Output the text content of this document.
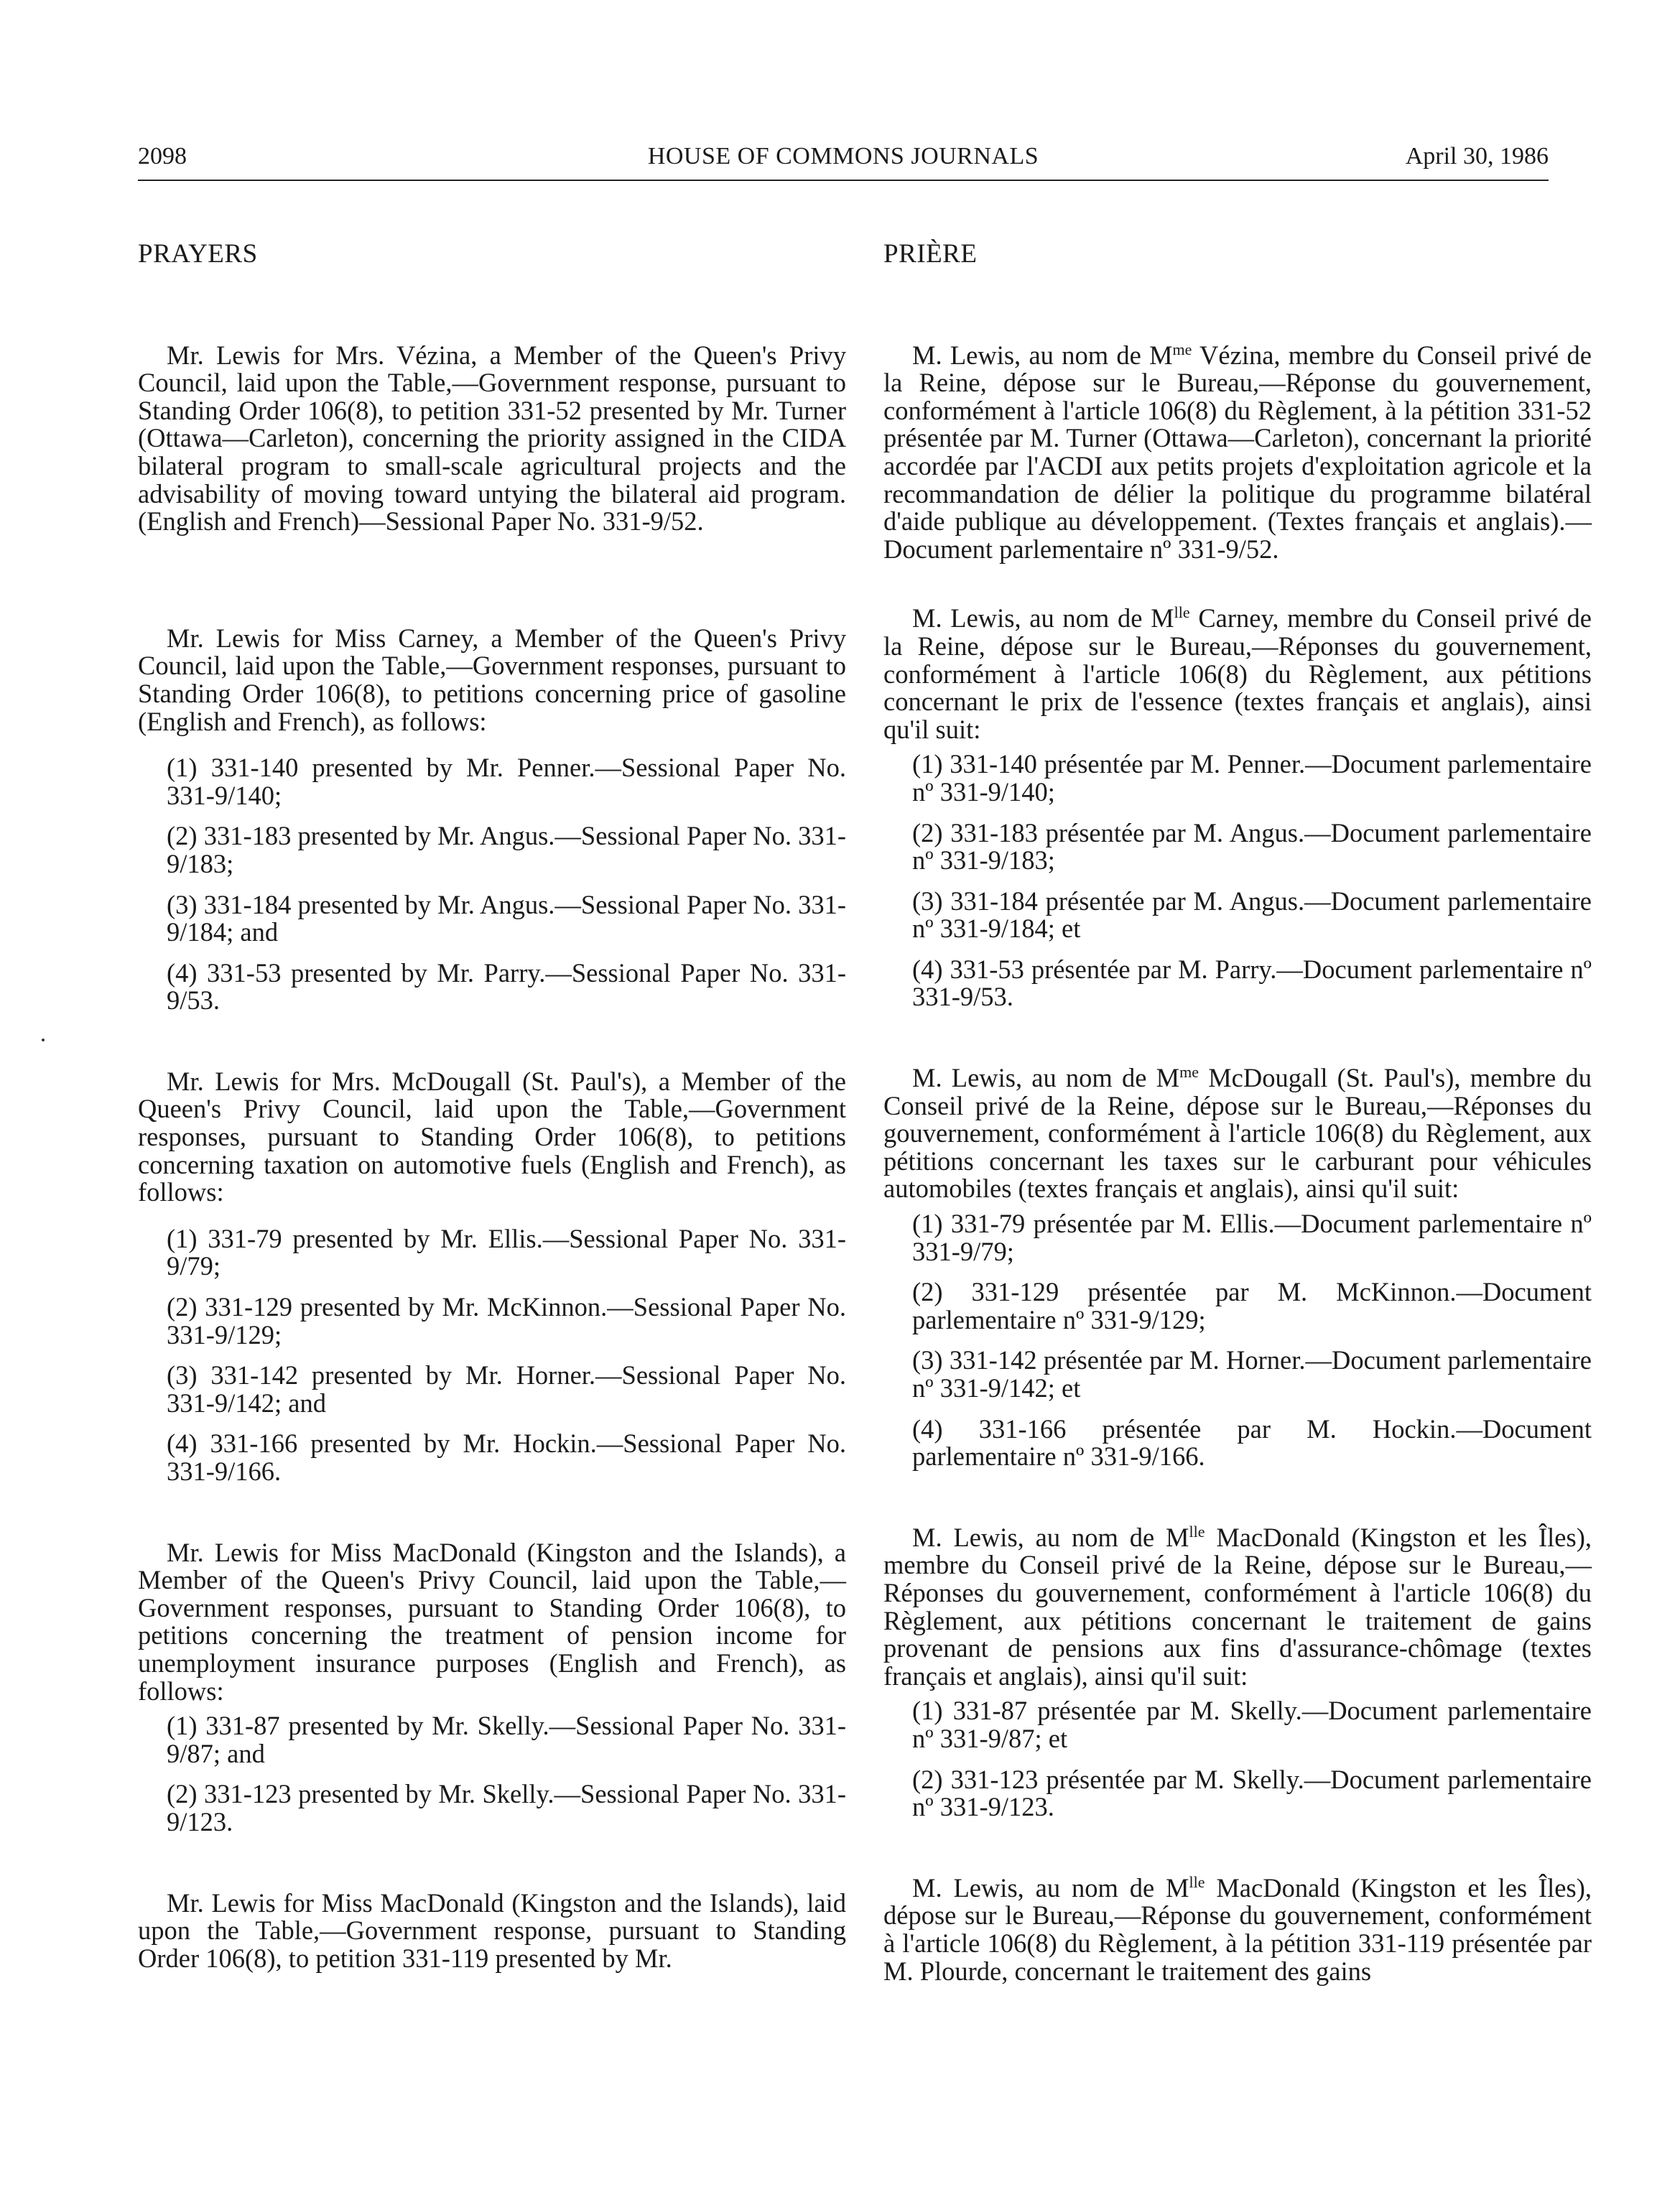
2098	HOUSE OF COMMONS JOURNALS	April 30, 1986
PRAYERS

Mr. Lewis for Mrs. Vézina, a Member of the Queen's Privy Council, laid upon the Table,—Government response, pursuant to Standing Order 106(8), to petition 331-52 presented by Mr. Turner (Ottawa—Carleton), concerning the priority assigned in the CIDA bilateral program to small-scale agricultural projects and the advisability of moving toward untying the bilateral aid program. (English and French)—Sessional Paper No. 331-9/52.

Mr. Lewis for Miss Carney, a Member of the Queen's Privy Council, laid upon the Table,—Government responses, pursuant to Standing Order 106(8), to petitions concerning price of gasoline (English and French), as follows:

(1) 331-140 presented by Mr. Penner.—Sessional Paper No. 331-9/140;

(2) 331-183 presented by Mr. Angus.—Sessional Paper No. 331-9/183;

(3) 331-184 presented by Mr. Angus.—Sessional Paper No. 331-9/184; and

(4) 331-53 presented by Mr. Parry.—Sessional Paper No. 331-9/53.

Mr. Lewis for Mrs. McDougall (St. Paul's), a Member of the Queen's Privy Council, laid upon the Table,—Government responses, pursuant to Standing Order 106(8), to petitions concerning taxation on automotive fuels (English and French), as follows:

(1) 331-79 presented by Mr. Ellis.—Sessional Paper No. 331-9/79;

(2) 331-129 presented by Mr. McKinnon.—Sessional Paper No. 331-9/129;

(3) 331-142 presented by Mr. Horner.—Sessional Paper No. 331-9/142; and

(4) 331-166 presented by Mr. Hockin.—Sessional Paper No. 331-9/166.

Mr. Lewis for Miss MacDonald (Kingston and the Islands), a Member of the Queen's Privy Council, laid upon the Table,—Government responses, pursuant to Standing Order 106(8), to petitions concerning the treatment of pension income for unemployment insurance purposes (English and French), as follows:

(1) 331-87 presented by Mr. Skelly.—Sessional Paper No. 331-9/87; and

(2) 331-123 presented by Mr. Skelly.—Sessional Paper No. 331-9/123.

Mr. Lewis for Miss MacDonald (Kingston and the Islands), laid upon the Table,—Government response, pursuant to Standing Order 106(8), to petition 331-119 presented by Mr.

PRIÈRE

M. Lewis, au nom de $M^{me}$ Vézina, membre du Conseil privé de la Reine, dépose sur le Bureau,—Réponse du gouvernement, conformément à l'article 106(8) du Règlement, à la pétition 331-52 présentée par M. Turner (Ottawa—Carleton), concernant la priorité accordée par l'ACDI aux petits projets d'exploitation agricole et la recommandation de délier la politique du programme bilatéral d'aide publique au développement. (Textes français et anglais).—Document parlementaire nº 331-9/52.

M. Lewis, au nom de $M^{lle}$ Carney, membre du Conseil privé de la Reine, dépose sur le Bureau,—Réponses du gouvernement, conformément à l'article 106(8) du Règlement, aux pétitions concernant le prix de l'essence (textes français et anglais), ainsi qu'il suit:

(1) 331-140 présentée par M. Penner.—Document parlementaire nº 331-9/140;

(2) 331-183 présentée par M. Angus.—Document parlementaire nº 331-9/183;

(3) 331-184 présentée par M. Angus.—Document parlementaire nº 331-9/184; et

(4) 331-53 présentée par M. Parry.—Document parlementaire nº 331-9/53.

M. Lewis, au nom de $M^{me}$ McDougall (St. Paul's), membre du Conseil privé de la Reine, dépose sur le Bureau,—Réponses du gouvernement, conformément à l'article 106(8) du Règlement, aux pétitions concernant les taxes sur le carburant pour véhicules automobiles (textes français et anglais), ainsi qu'il suit:

(1) 331-79 présentée par M. Ellis.—Document parlementaire nº 331-9/79;

(2) 331-129 présentée par M. McKinnon.—Document parlementaire nº 331-9/129;

(3) 331-142 présentée par M. Horner.—Document parlementaire nº 331-9/142; et

(4) 331-166 présentée par M. Hockin.—Document parlementaire nº 331-9/166.

M. Lewis, au nom de $M^{lle}$ MacDonald (Kingston et les Îles), membre du Conseil privé de la Reine, dépose sur le Bureau,—Réponses du gouvernement, conformément à l'article 106(8) du Règlement, aux pétitions concernant le traitement de gains provenant de pensions aux fins d'assurance-chômage (textes français et anglais), ainsi qu'il suit:

(1) 331-87 présentée par M. Skelly.—Document parlementaire nº 331-9/87; et

(2) 331-123 présentée par M. Skelly.—Document parlementaire nº 331-9/123.

M. Lewis, au nom de $M^{lle}$ MacDonald (Kingston et les Îles), dépose sur le Bureau,—Réponse du gouvernement, conformément à l'article 106(8) du Règlement, à la pétition 331-119 présentée par M. Plourde, concernant le traitement des gains
